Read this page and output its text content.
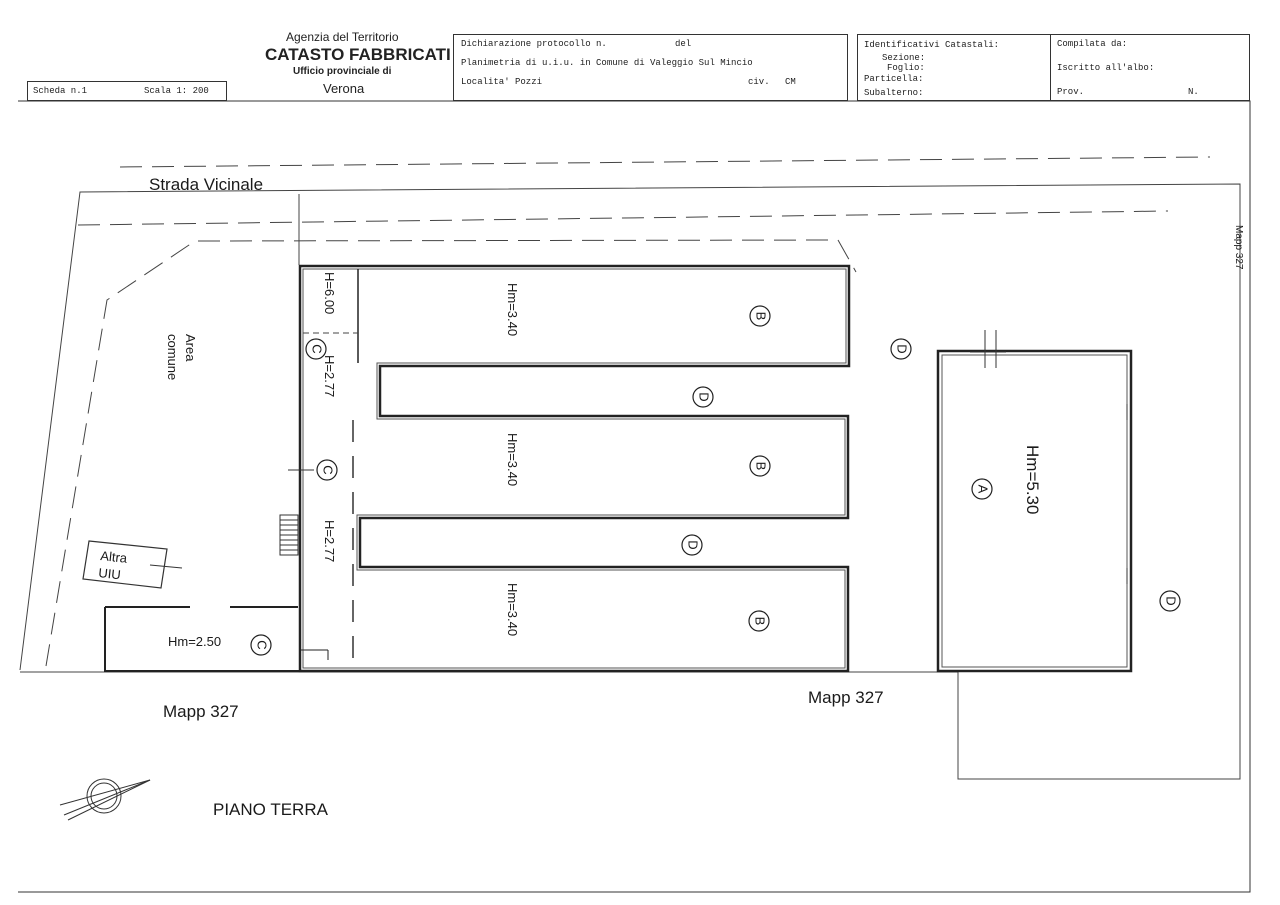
Scheda n.1	Scala 1: 200
Agenzia del Territorio
CATASTO FABBRICATI
Ufficio provinciale di
Verona
Dichiarazione protocollo n.	del
Planimetria di u.i.u. in Comune di Valeggio Sul Mincio
Localita' Pozzi	civ. CM
Identificativi Catastali:
Sezione:
Foglio:
Particella:
Subalterno:
Compilata da:
Iscritto all'albo:
Prov.	N.
Strada Vicinale
Mapp 327
Area
comune
H=6.00
H=2.77
H=2.77
Hm=3.40
Hm=3.40
Hm=3.40
Hm=5.30
Hm=2.50
Altra
UIU
Mapp 327
Mapp 327
PIANO TERRA
B
B
B
A
C
C
C
D
D
D
D
